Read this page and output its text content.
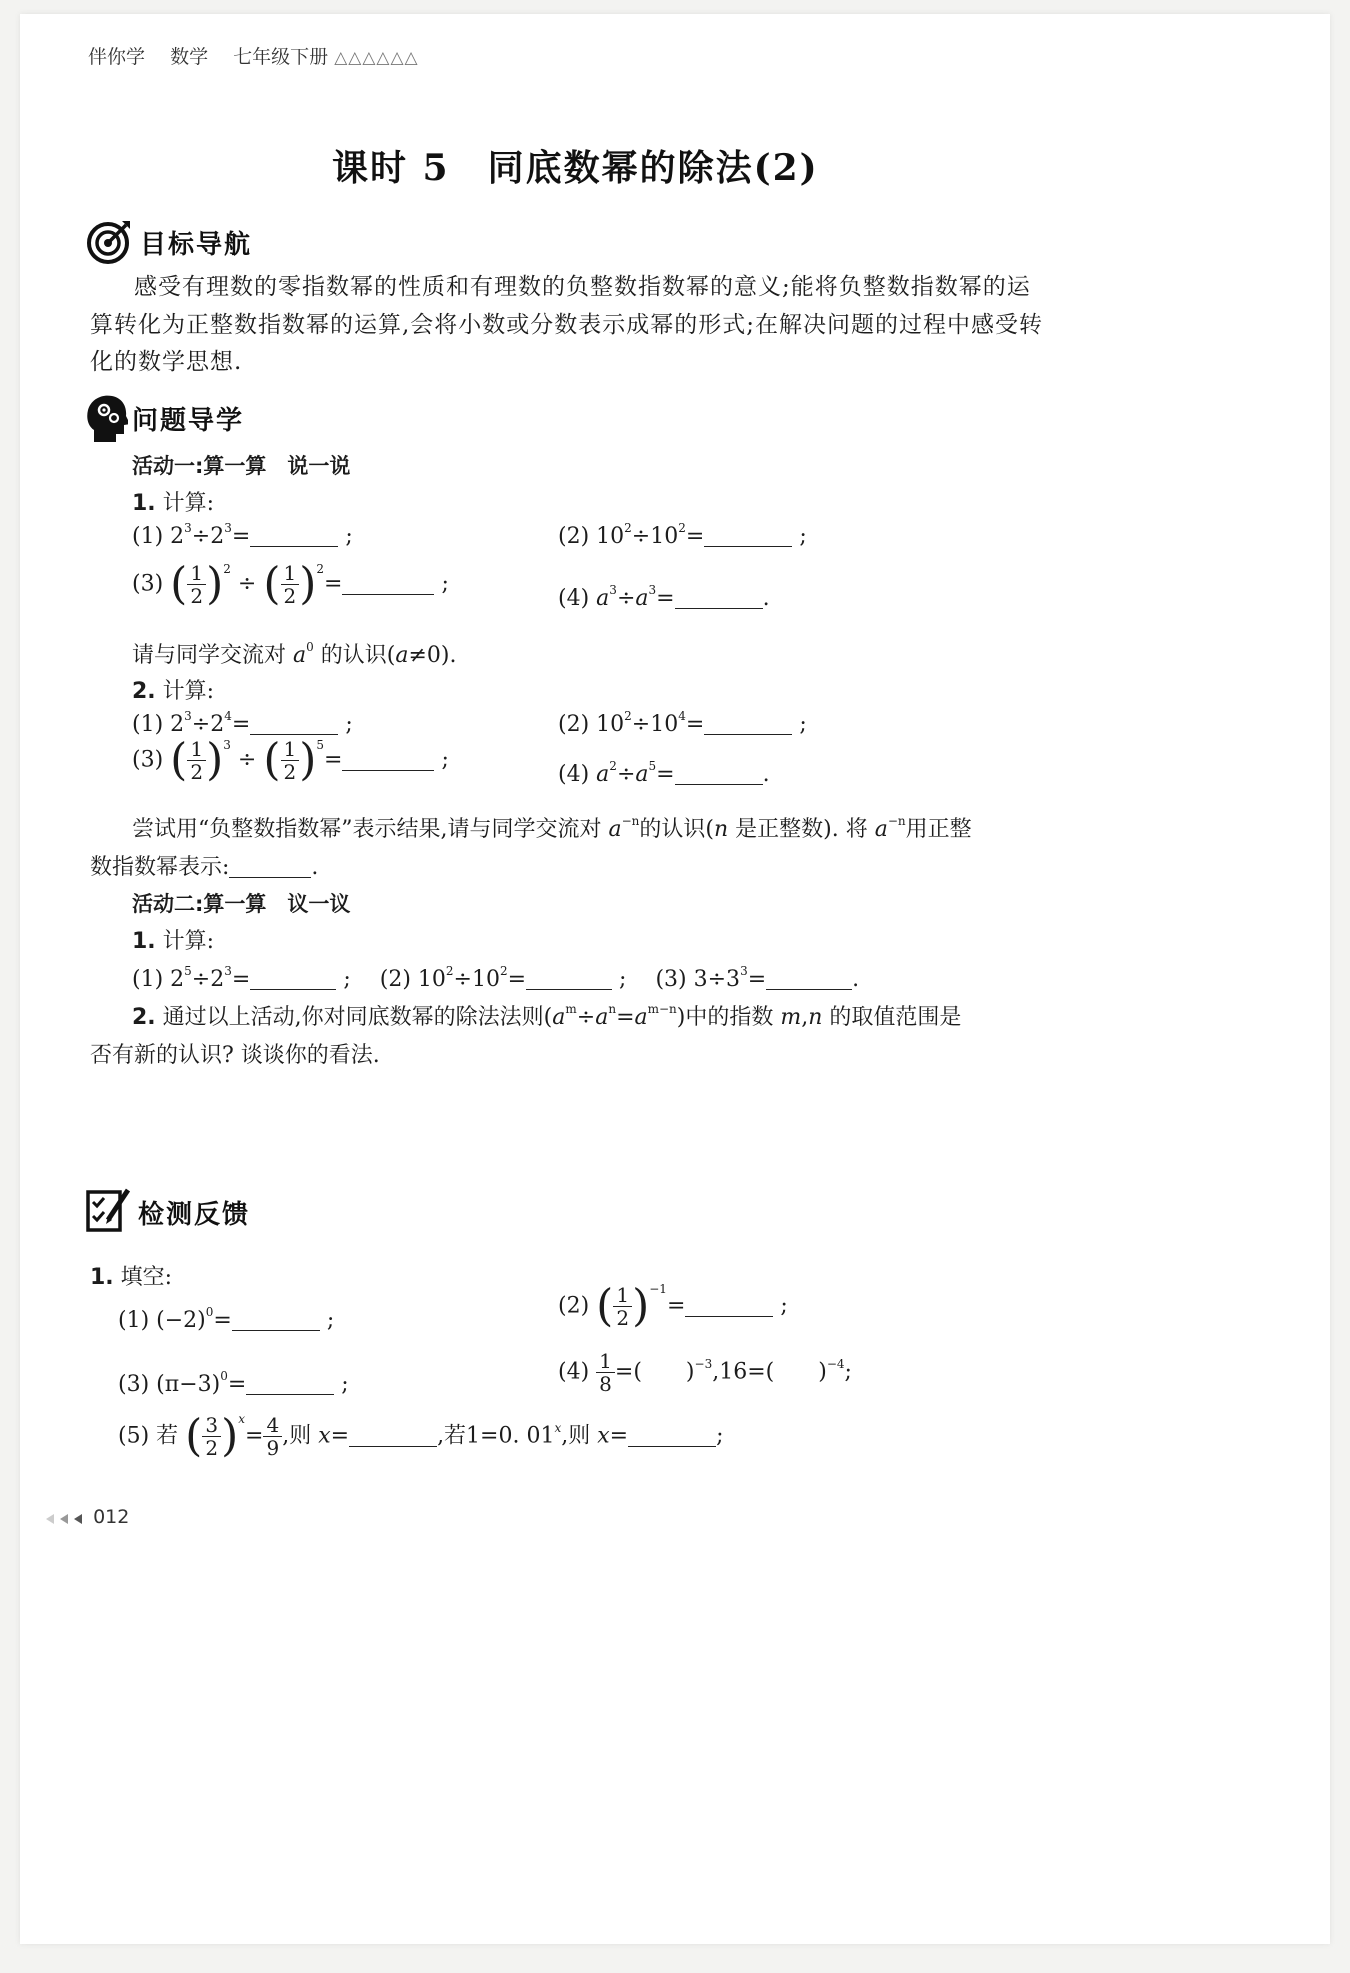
伴你学　 数学　 七年级下册 △△△△△△
课时 5　同底数幂的除法(2)
目标导航
感受有理数的零指数幂的性质和有理数的负整数指数幂的意义;能将负整数指数幂的运
算转化为正整数指数幂的运算,会将小数或分数表示成幂的形式;在解决问题的过程中感受转
化的数学思想.
问题导学
活动一:算一算　说一说
1. 计算:
(1) $2^3\div 2^3=$	;	(2) $10^2\div 10^2=$	;
(3) ( $\frac{1}{2} )^2$ ÷ ( $\frac{1}{2} )^2=$	;
(4) $a^3\div a^3=$	.
请与同学交流对 $a^0$ 的认识(a≠0).
2. 计算:
(1) $2^3\div 2^4=$	;	(2) $10^2\div 10^4=$	;
(3) ( $\frac{1}{2} )^3$ ÷ ( $\frac{1}{2} )^5=$	;
(4) $a^2\div a^5=$	.
尝试用“负整数指数幂”表示结果,请与同学交流对 $a^{-n}$的认识(n 是正整数). 将 $a^{-n}$用正整
数指数幂表示:	.
活动二:算一算　议一议
1. 计算:
(1) $2^5\div 2^3=$	;　 (2) $10^2\div 10^2=$	;　 (3) $3\div 3^3=$	.
2. 通过以上活动,你对同底数幂的除法法则$(a^m\div a^n=a^{m-n})$中的指数 m,n 的取值范围是
否有新的认识? 谈谈你的看法.
检测反馈
1. 填空:
(1) $(-2)^0=$	;
(2) ( $\frac{1}{2} )^{-1}=$	;
(3) $(\pi-3)^0=$	;	$(4) \frac{1}{8}$ =(　　)$^{-3}$,16=(　　)$^{-4}$;
(5) 若 ( $\frac{3}{2} )^x= \frac{4}{9}$ ,则 x=	,若1=0. 01$^x$,则 x=	;
012
